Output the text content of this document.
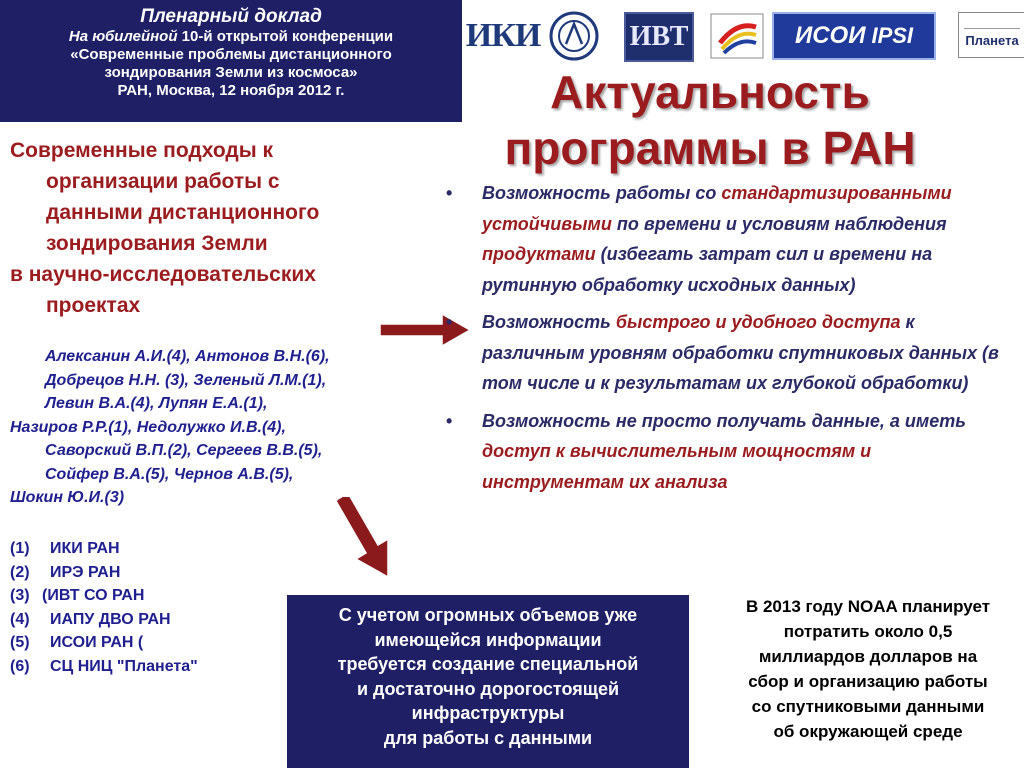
Пленарный доклад
На юбилейной 10-й открытой конференции
«Современные проблемы дистанционного
зондирования Земли из космоса»
РАН, Москва, 12 ноября 2012 г.
ИКИ	ИВТ	ИСОИ IPSI	Планета
Актуальность
программы в РАН
Современные подходы к
организации работы с
данными дистанционного
зондирования Земли
в научно-исследовательских
проектах
Алексанин А.И.(4), Антонов В.Н.(6),
Добрецов Н.Н. (3), Зеленый Л.М.(1),
Левин В.А.(4), Лупян Е.А.(1),
Назиров Р.Р.(1), Недолужко И.В.(4),
Саворский В.П.(2), Сергеев В.В.(5),
Сойфер В.А.(5), Чернов А.В.(5),
Шокин Ю.И.(3)
(1)	ИКИ РАН
(2)	ИРЭ РАН
(3) (ИВТ СО РАН
(4)	ИАПУ ДВО РАН
(5)	ИСОИ РАН (
(6)	СЦ НИЦ "Планета"
• Возможность работы со стандартизированными устойчивыми по времени и условиям наблюдения продуктами (избегать затрат сил и времени на рутинную обработку исходных данных)
• Возможность быстрого и удобного доступа к различным уровням обработки спутниковых данных (в том числе и к результатам их глубокой обработки)
• Возможность не просто получать данные, а иметь доступ к вычислительным мощностям и инструментам их анализа
С учетом огромных объемов уже
имеющейся информации
требуется создание специальной
и достаточно дорогостоящей
инфраструктуры
для работы с данными
В 2013 году NOAA планирует
потратить около 0,5
миллиардов долларов на
сбор и организацию работы
со спутниковыми данными
об окружающей среде
